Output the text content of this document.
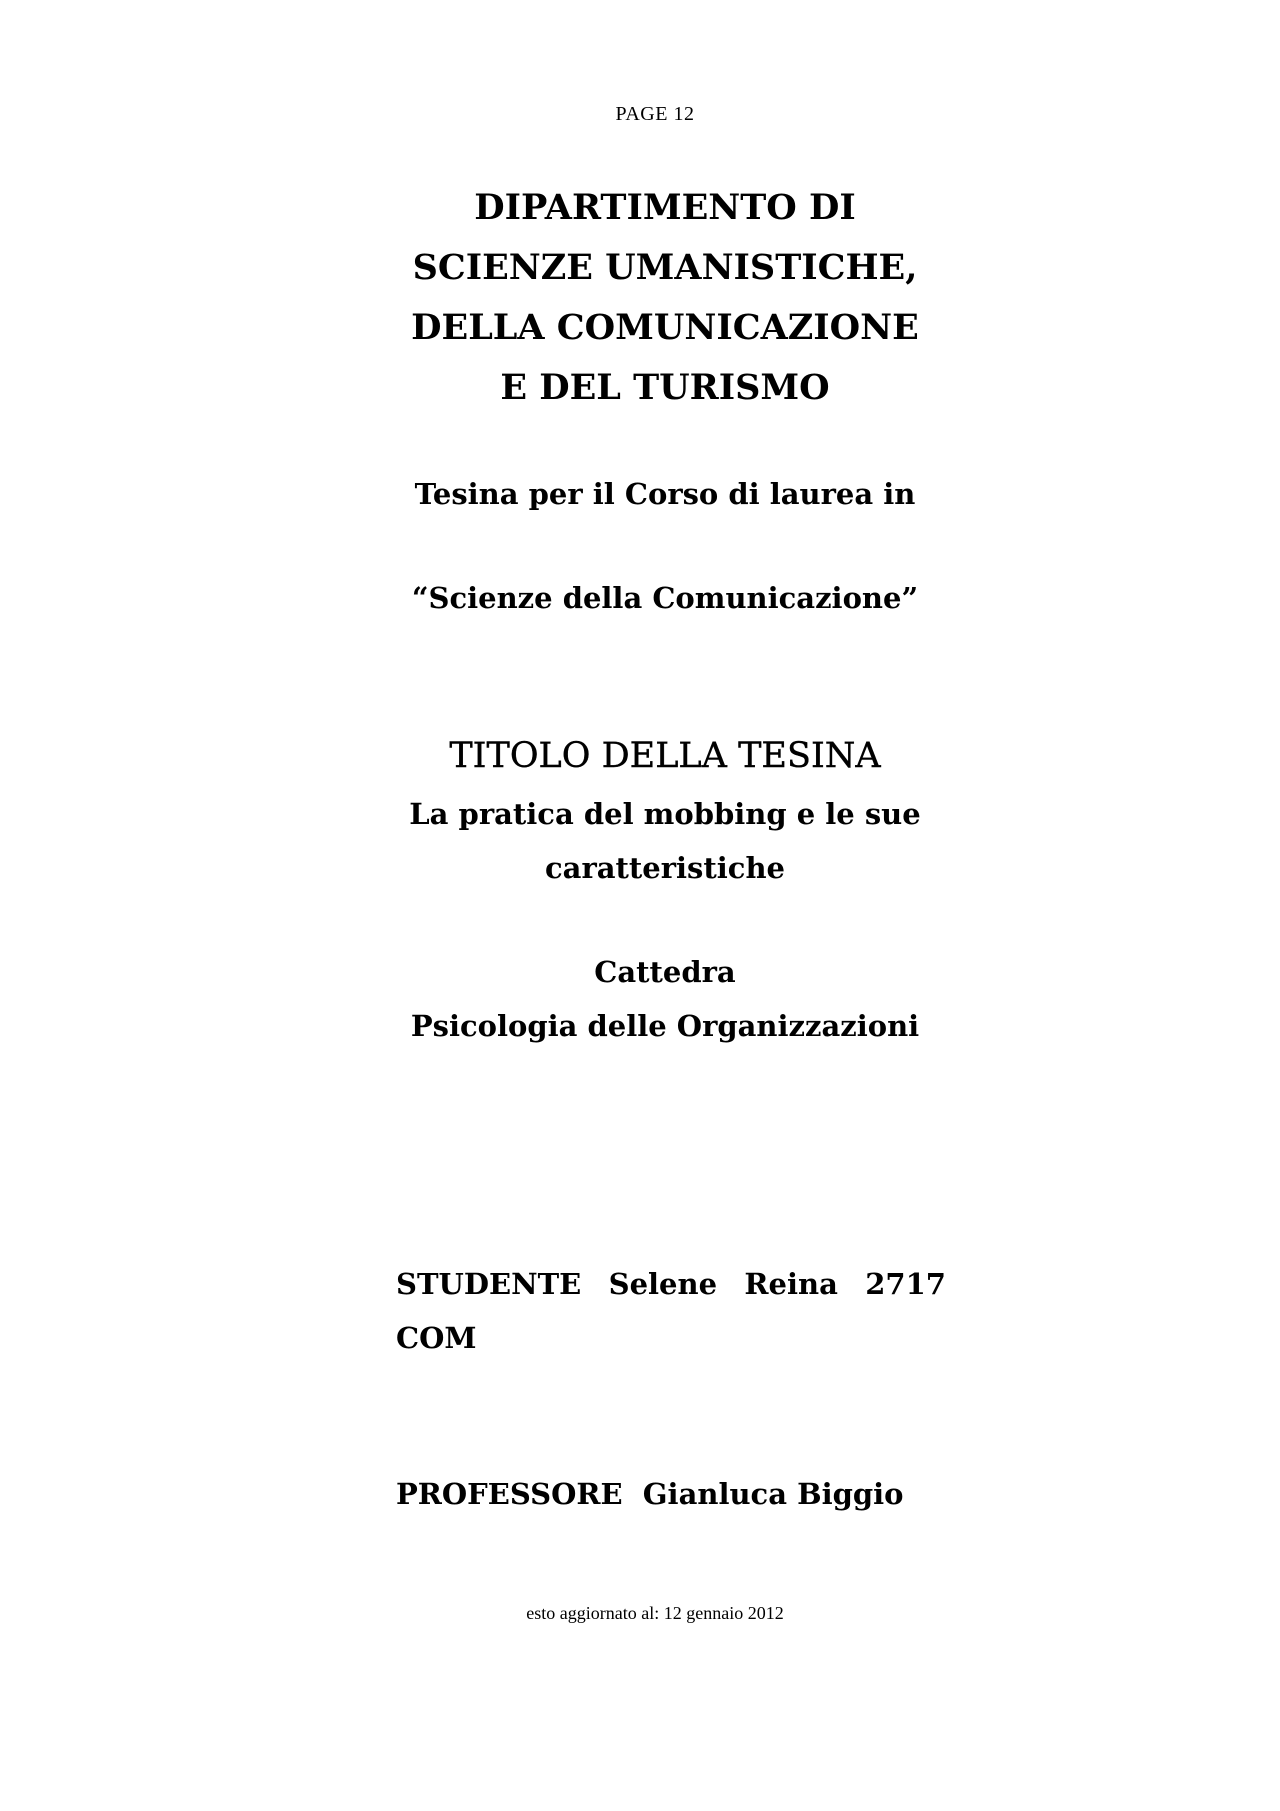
PAGE 12
DIPARTIMENTO DI
SCIENZE UMANISTICHE,
DELLA COMUNICAZIONE
E DEL TURISMO
Tesina per il Corso di laurea in
“Scienze della Comunicazione”
TITOLO DELLA TESINA
La pratica del mobbing e le sue
caratteristiche
Cattedra
Psicologia delle Organizzazioni
STUDENTE Selene Reina 2717
COM
PROFESSORE Gianluca Biggio
esto aggiornato al: 12 gennaio 2012
